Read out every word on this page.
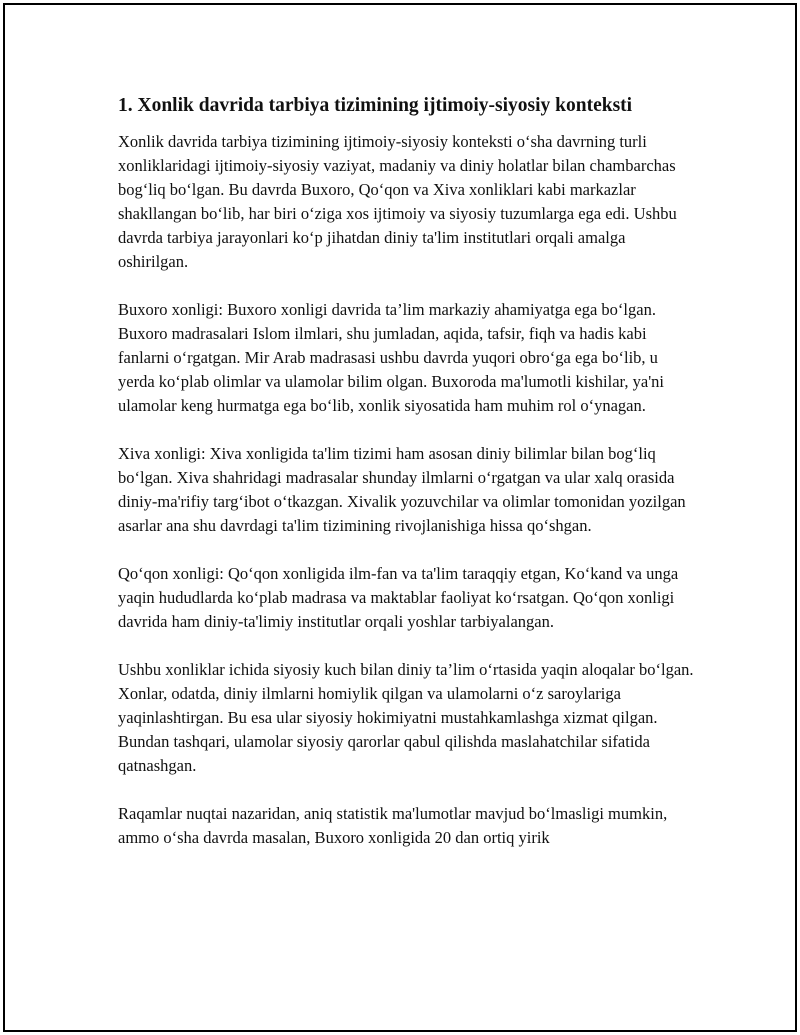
1. Xonlik davrida tarbiya tizimining ijtimoiy-siyosiy konteksti

Xonlik davrida tarbiya tizimining ijtimoiy-siyosiy konteksti o‘sha davrning turli xonliklaridagi ijtimoiy-siyosiy vaziyat, madaniy va diniy holatlar bilan chambarchas bog‘liq bo‘lgan. Bu davrda Buxoro, Qo‘qon va Xiva xonliklari kabi markazlar shakllangan bo‘lib, har biri o‘ziga xos ijtimoiy va siyosiy tuzumlarga ega edi. Ushbu davrda tarbiya jarayonlari ko‘p jihatdan diniy ta'lim institutlari orqali amalga oshirilgan.

Buxoro xonligi: Buxoro xonligi davrida ta’lim markaziy ahamiyatga ega bo‘lgan. Buxoro madrasalari Islom ilmlari, shu jumladan, aqida, tafsir, fiqh va hadis kabi fanlarni o‘rgatgan. Mir Arab madrasasi ushbu davrda yuqori obro‘ga ega bo‘lib, u yerda ko‘plab olimlar va ulamolar bilim olgan. Buxoroda ma'lumotli kishilar, ya'ni ulamolar keng hurmatga ega bo‘lib, xonlik siyosatida ham muhim rol o‘ynagan.

Xiva xonligi: Xiva xonligida ta'lim tizimi ham asosan diniy bilimlar bilan bog‘liq bo‘lgan. Xiva shahridagi madrasalar shunday ilmlarni o‘rgatgan va ular xalq orasida diniy-ma'rifiy targ‘ibot o‘tkazgan. Xivalik yozuvchilar va olimlar tomonidan yozilgan asarlar ana shu davrdagi ta'lim tizimining rivojlanishiga hissa qo‘shgan.

Qo‘qon xonligi: Qo‘qon xonligida ilm-fan va ta'lim taraqqiy etgan, Ko‘kand va unga yaqin hududlarda ko‘plab madrasa va maktablar faoliyat ko‘rsatgan. Qo‘qon xonligi davrida ham diniy-ta'limiy institutlar orqali yoshlar tarbiyalangan.

Ushbu xonliklar ichida siyosiy kuch bilan diniy ta’lim o‘rtasida yaqin aloqalar bo‘lgan. Xonlar, odatda, diniy ilmlarni homiylik qilgan va ulamolarni o‘z saroylariga yaqinlashtirgan. Bu esa ular siyosiy hokimiyatni mustahkamlashga xizmat qilgan. Bundan tashqari, ulamolar siyosiy qarorlar qabul qilishda maslahatchilar sifatida qatnashgan.

Raqamlar nuqtai nazaridan, aniq statistik ma'lumotlar mavjud bo‘lmasligi mumkin, ammo o‘sha davrda masalan, Buxoro xonligida 20 dan ortiq yirik
